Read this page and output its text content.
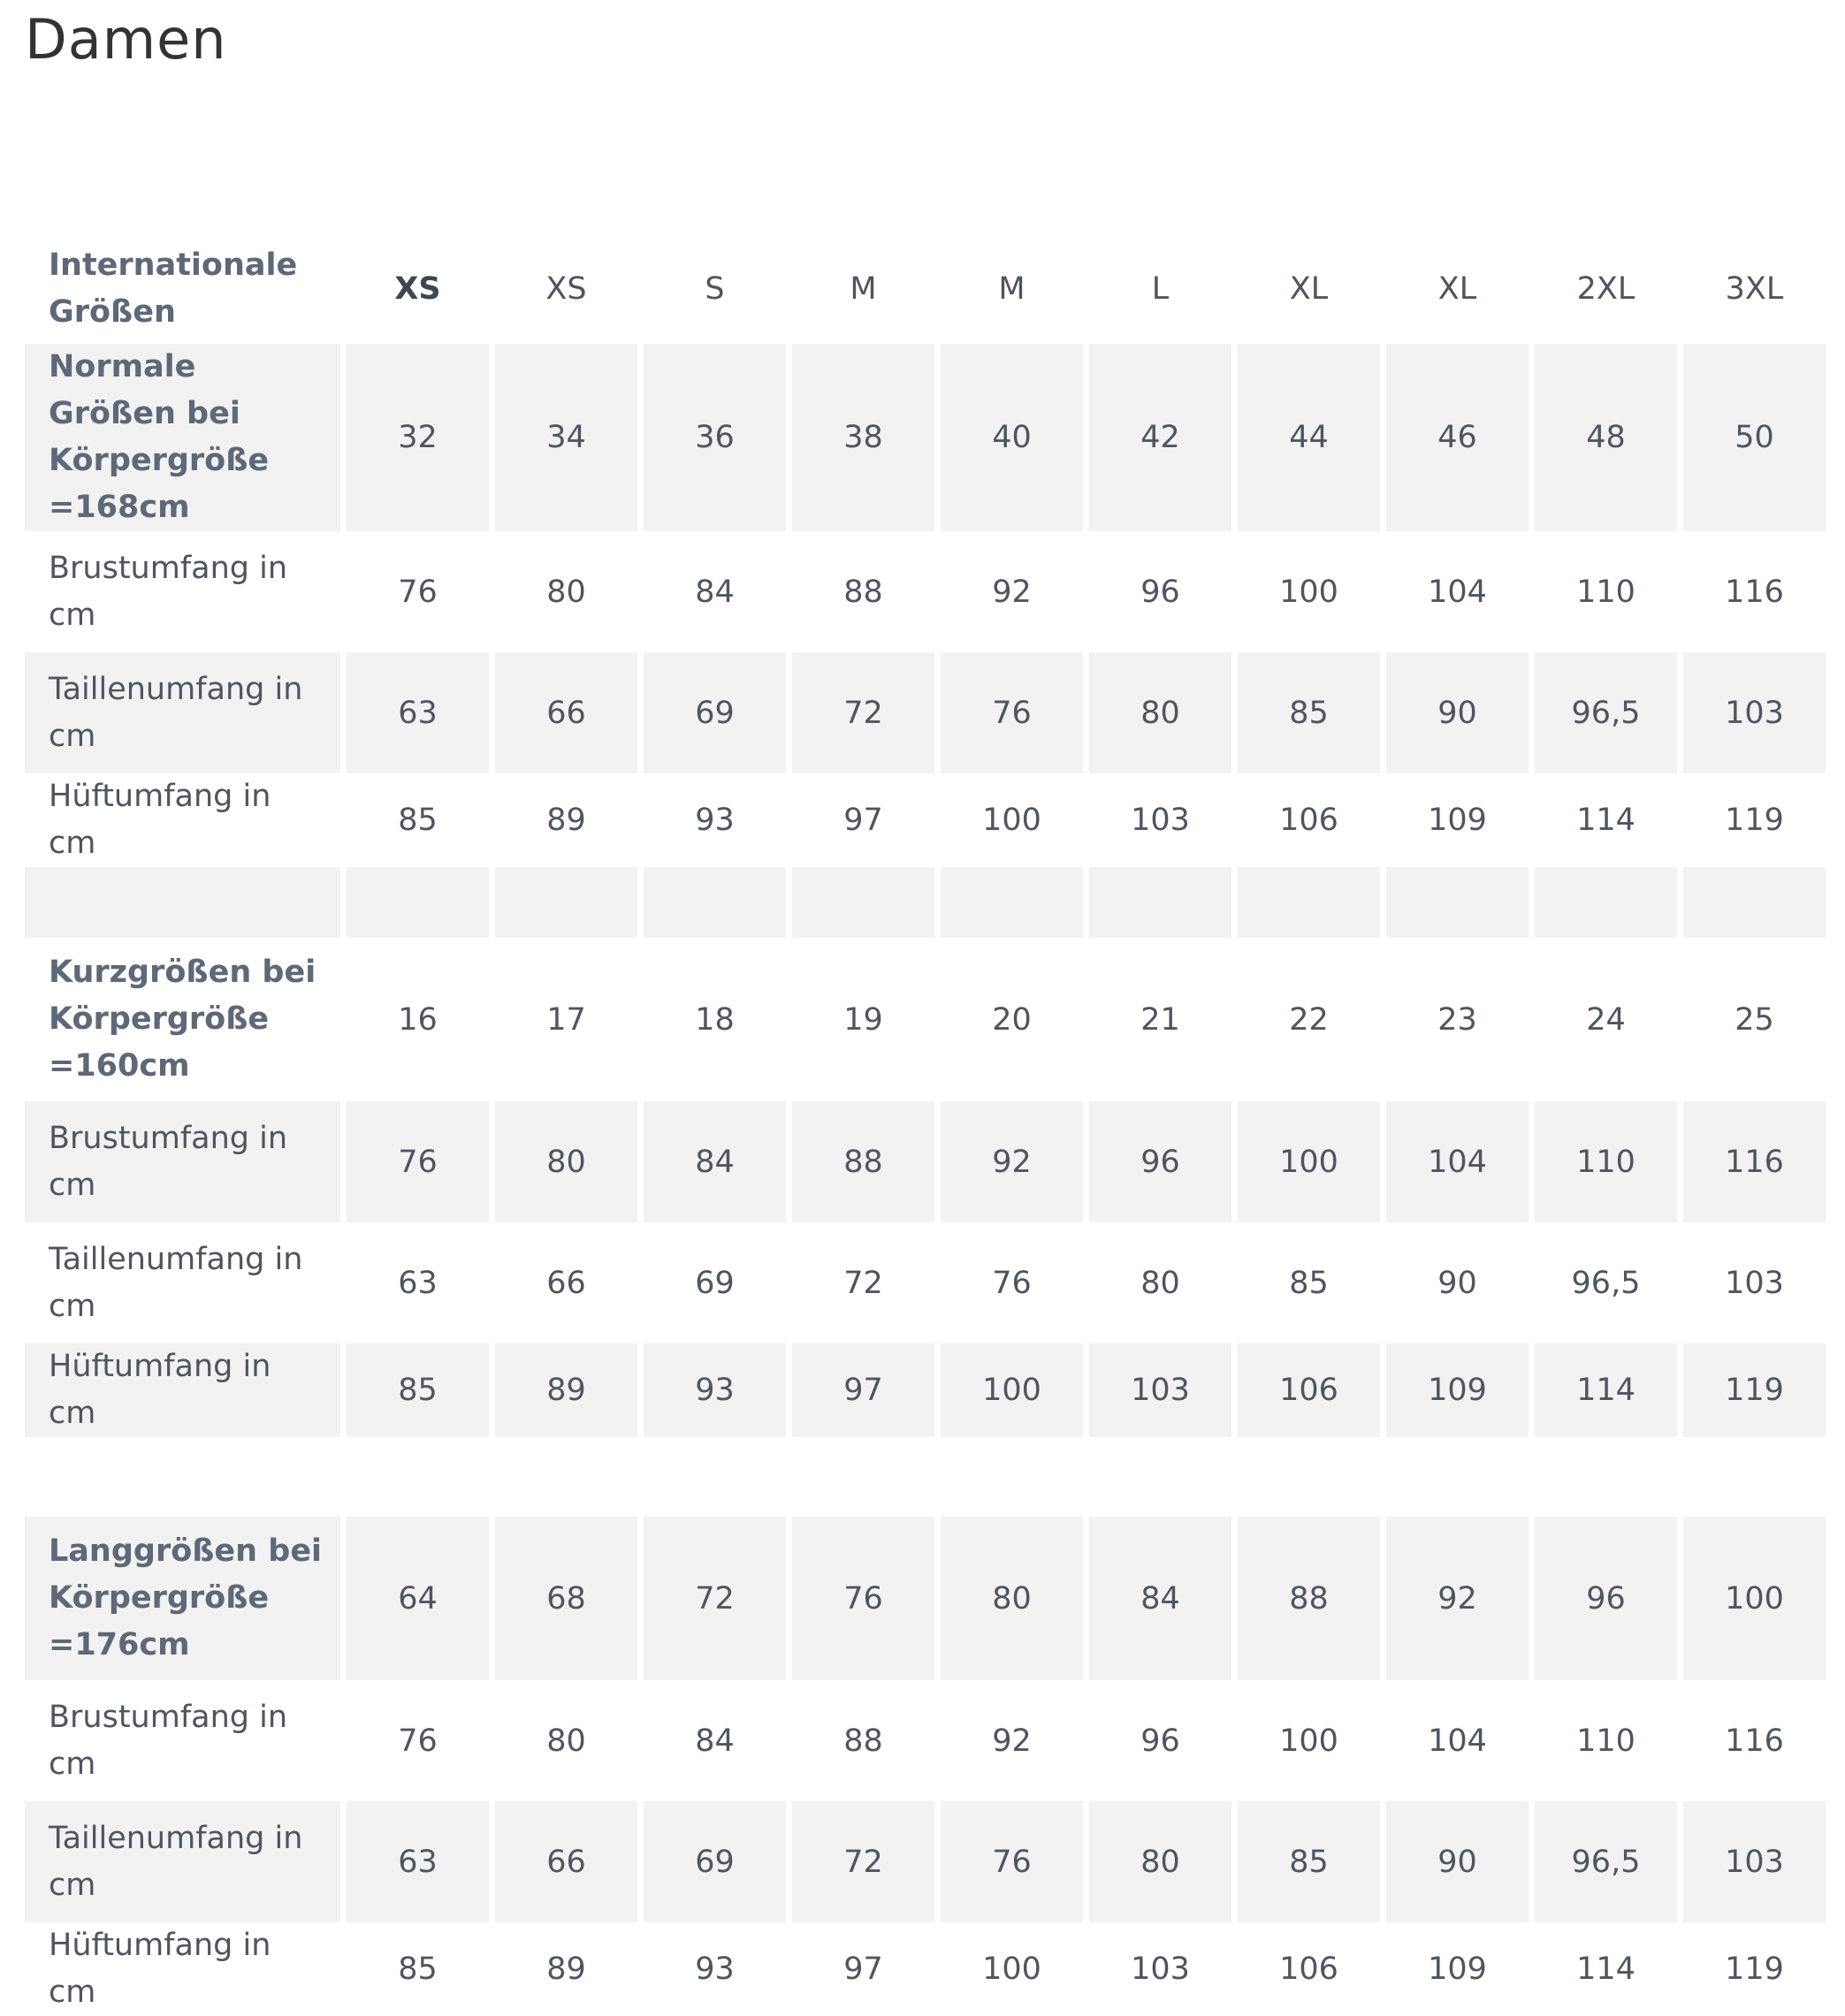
Damen
Internationale Größen	XS	XS	S	M	M	L	XL	XL	2XL	3XL
Normale Größen bei Körpergröße =168cm	32	34	36	38	40	42	44	46	48	50
Brustumfang in cm	76	80	84	88	92	96	100	104	110	116
Taillenumfang in cm	63	66	69	72	76	80	85	90	96,5	103
Hüftumfang in cm	85	89	93	97	100	103	106	109	114	119

Kurzgrößen bei Körpergröße =160cm	16	17	18	19	20	21	22	23	24	25
Brustumfang in cm	76	80	84	88	92	96	100	104	110	116
Taillenumfang in cm	63	66	69	72	76	80	85	90	96,5	103
Hüftumfang in cm	85	89	93	97	100	103	106	109	114	119

Langgrößen bei Körpergröße =176cm	64	68	72	76	80	84	88	92	96	100
Brustumfang in cm	76	80	84	88	92	96	100	104	110	116
Taillenumfang in cm	63	66	69	72	76	80	85	90	96,5	103
Hüftumfang in cm	85	89	93	97	100	103	106	109	114	119
